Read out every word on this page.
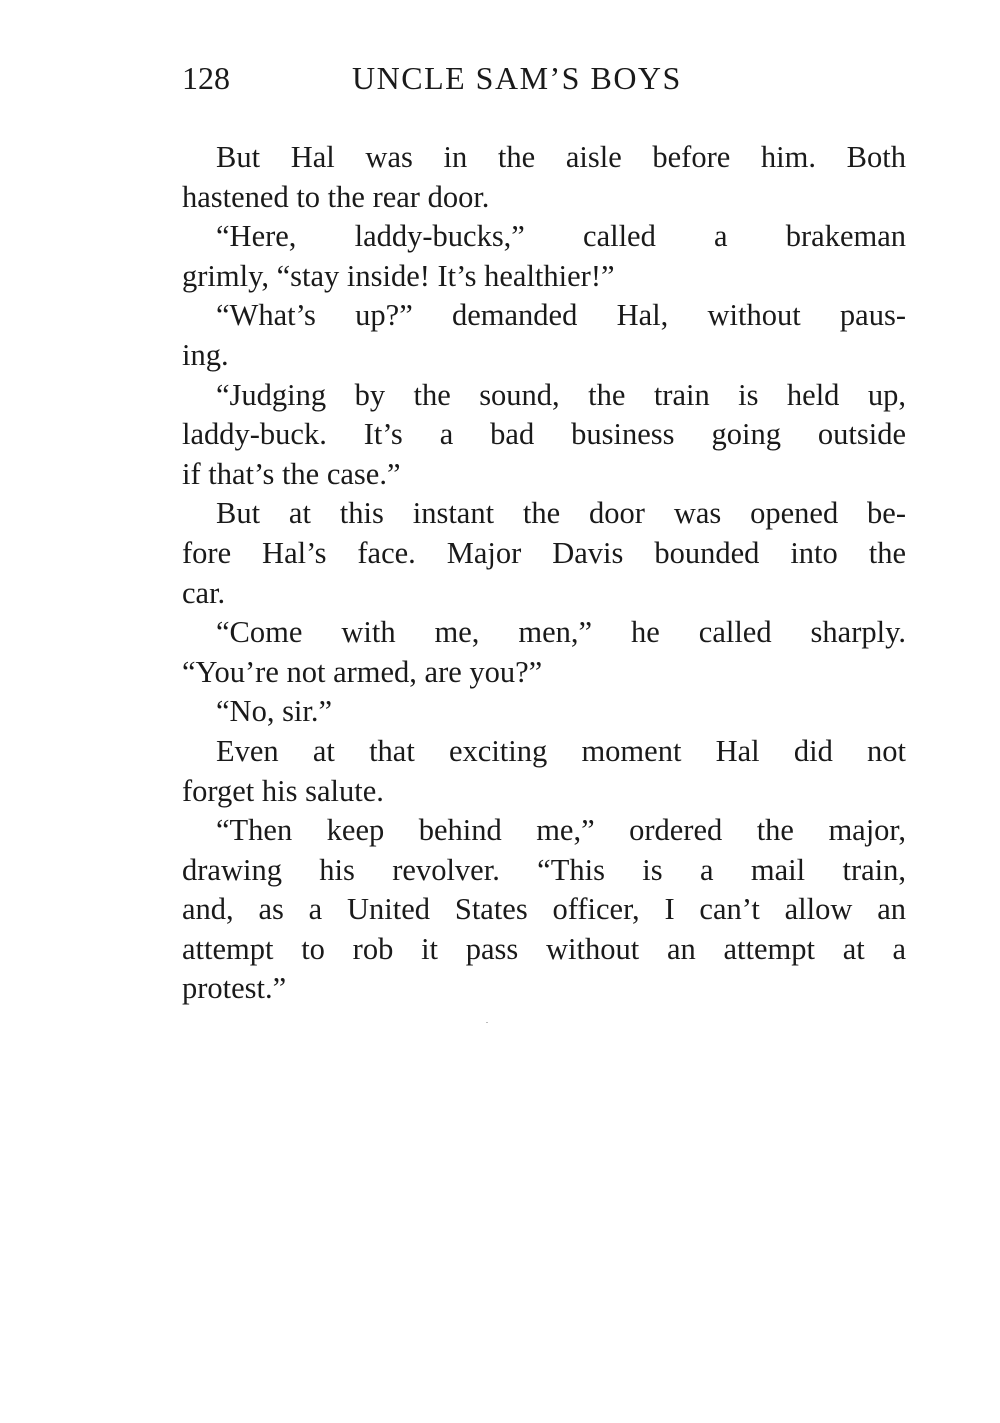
128	UNCLE SAM’S BOYS
But Hal was in the aisle before him. Both
hastened to the rear door.
“Here, laddy-bucks,” called a brakeman
grimly, “stay inside! It’s healthier!”
“What’s up?” demanded Hal, without paus-
ing.
“Judging by the sound, the train is held up,
laddy-buck. It’s a bad business going outside
if that’s the case.”
But at this instant the door was opened be-
fore Hal’s face. Major Davis bounded into the
car.
“Come with me, men,” he called sharply.
“You’re not armed, are you?”
“No, sir.”
Even at that exciting moment Hal did not
forget his salute.
“Then keep behind me,” ordered the major,
drawing his revolver. “This is a mail train,
and, as a United States officer, I can’t allow an
attempt to rob it pass without an attempt at a
protest.”
